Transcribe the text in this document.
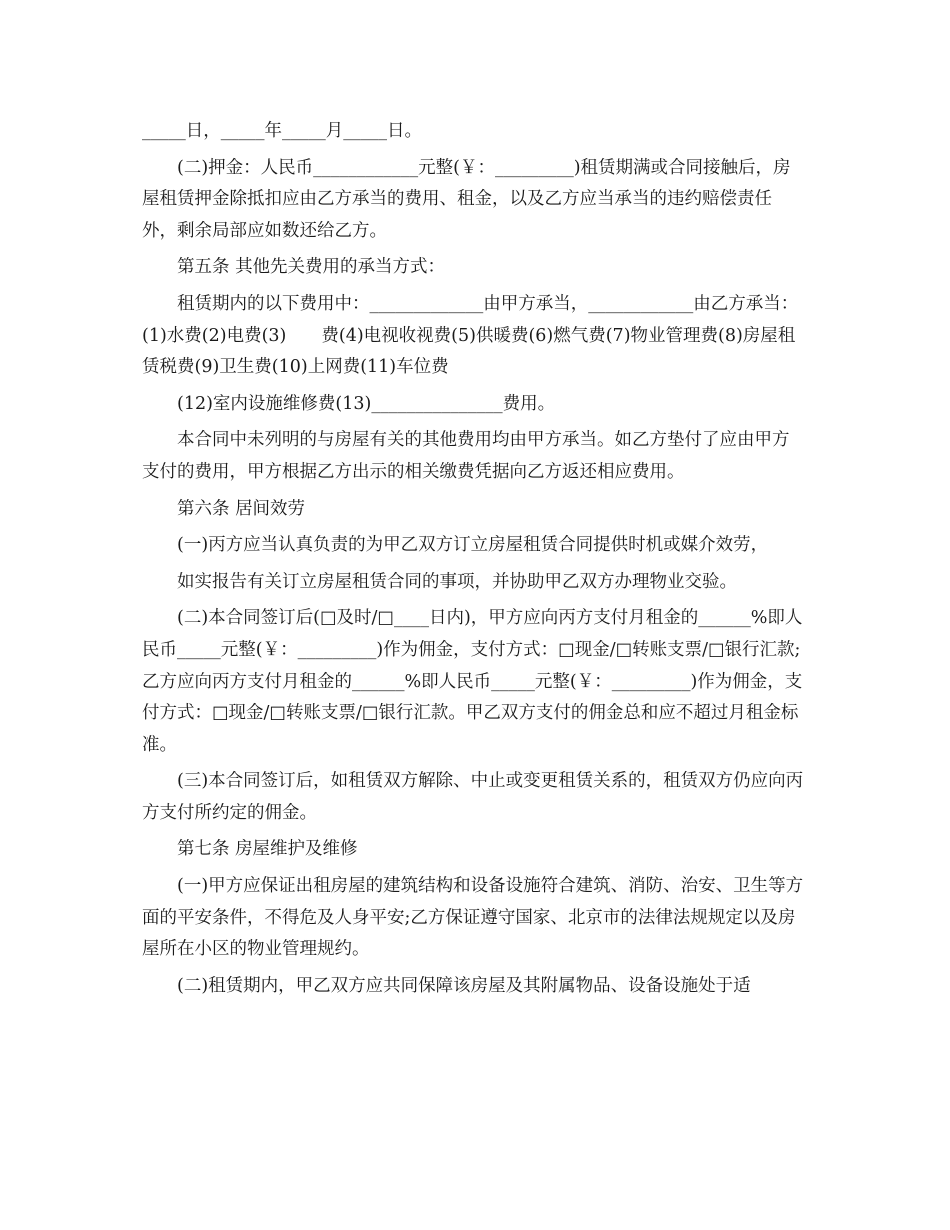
_____日，_____年_____月_____日。

(二)押金：人民币____________元整(￥：_________)租赁期满或合同接触后，房屋租赁押金除抵扣应由乙方承当的费用、租金，以及乙方应当承当的违约赔偿责任外，剩余局部应如数还给乙方。

第五条 其他先关费用的承当方式：

租赁期内的以下费用中：_____________由甲方承当，____________由乙方承当：(1)水费(2)电费(3)　　费(4)电视收视费(5)供暖费(6)燃气费(7)物业管理费(8)房屋租赁税费(9)卫生费(10)上网费(11)车位费

(12)室内设施维修费(13)_______________费用。

本合同中未列明的与房屋有关的其他费用均由甲方承当。如乙方垫付了应由甲方支付的费用，甲方根据乙方出示的相关缴费凭据向乙方返还相应费用。

第六条 居间效劳

(一)丙方应当认真负责的为甲乙双方订立房屋租赁合同提供时机或媒介效劳，

如实报告有关订立房屋租赁合同的事项，并协助甲乙双方办理物业交验。

(二)本合同签订后(□及时/□____日内)，甲方应向丙方支付月租金的______%即人民币_____元整(￥：_________)作为佣金，支付方式：□现金/□转账支票/□银行汇款;乙方应向丙方支付月租金的______%即人民币_____元整(￥：_________)作为佣金，支付方式：□现金/□转账支票/□银行汇款。甲乙双方支付的佣金总和应不超过月租金标准。

(三)本合同签订后，如租赁双方解除、中止或变更租赁关系的，租赁双方仍应向丙方支付所约定的佣金。

第七条 房屋维护及维修

(一)甲方应保证出租房屋的建筑结构和设备设施符合建筑、消防、治安、卫生等方面的平安条件，不得危及人身平安;乙方保证遵守国家、北京市的法律法规规定以及房屋所在小区的物业管理规约。

(二)租赁期内，甲乙双方应共同保障该房屋及其附属物品、设备设施处于适
